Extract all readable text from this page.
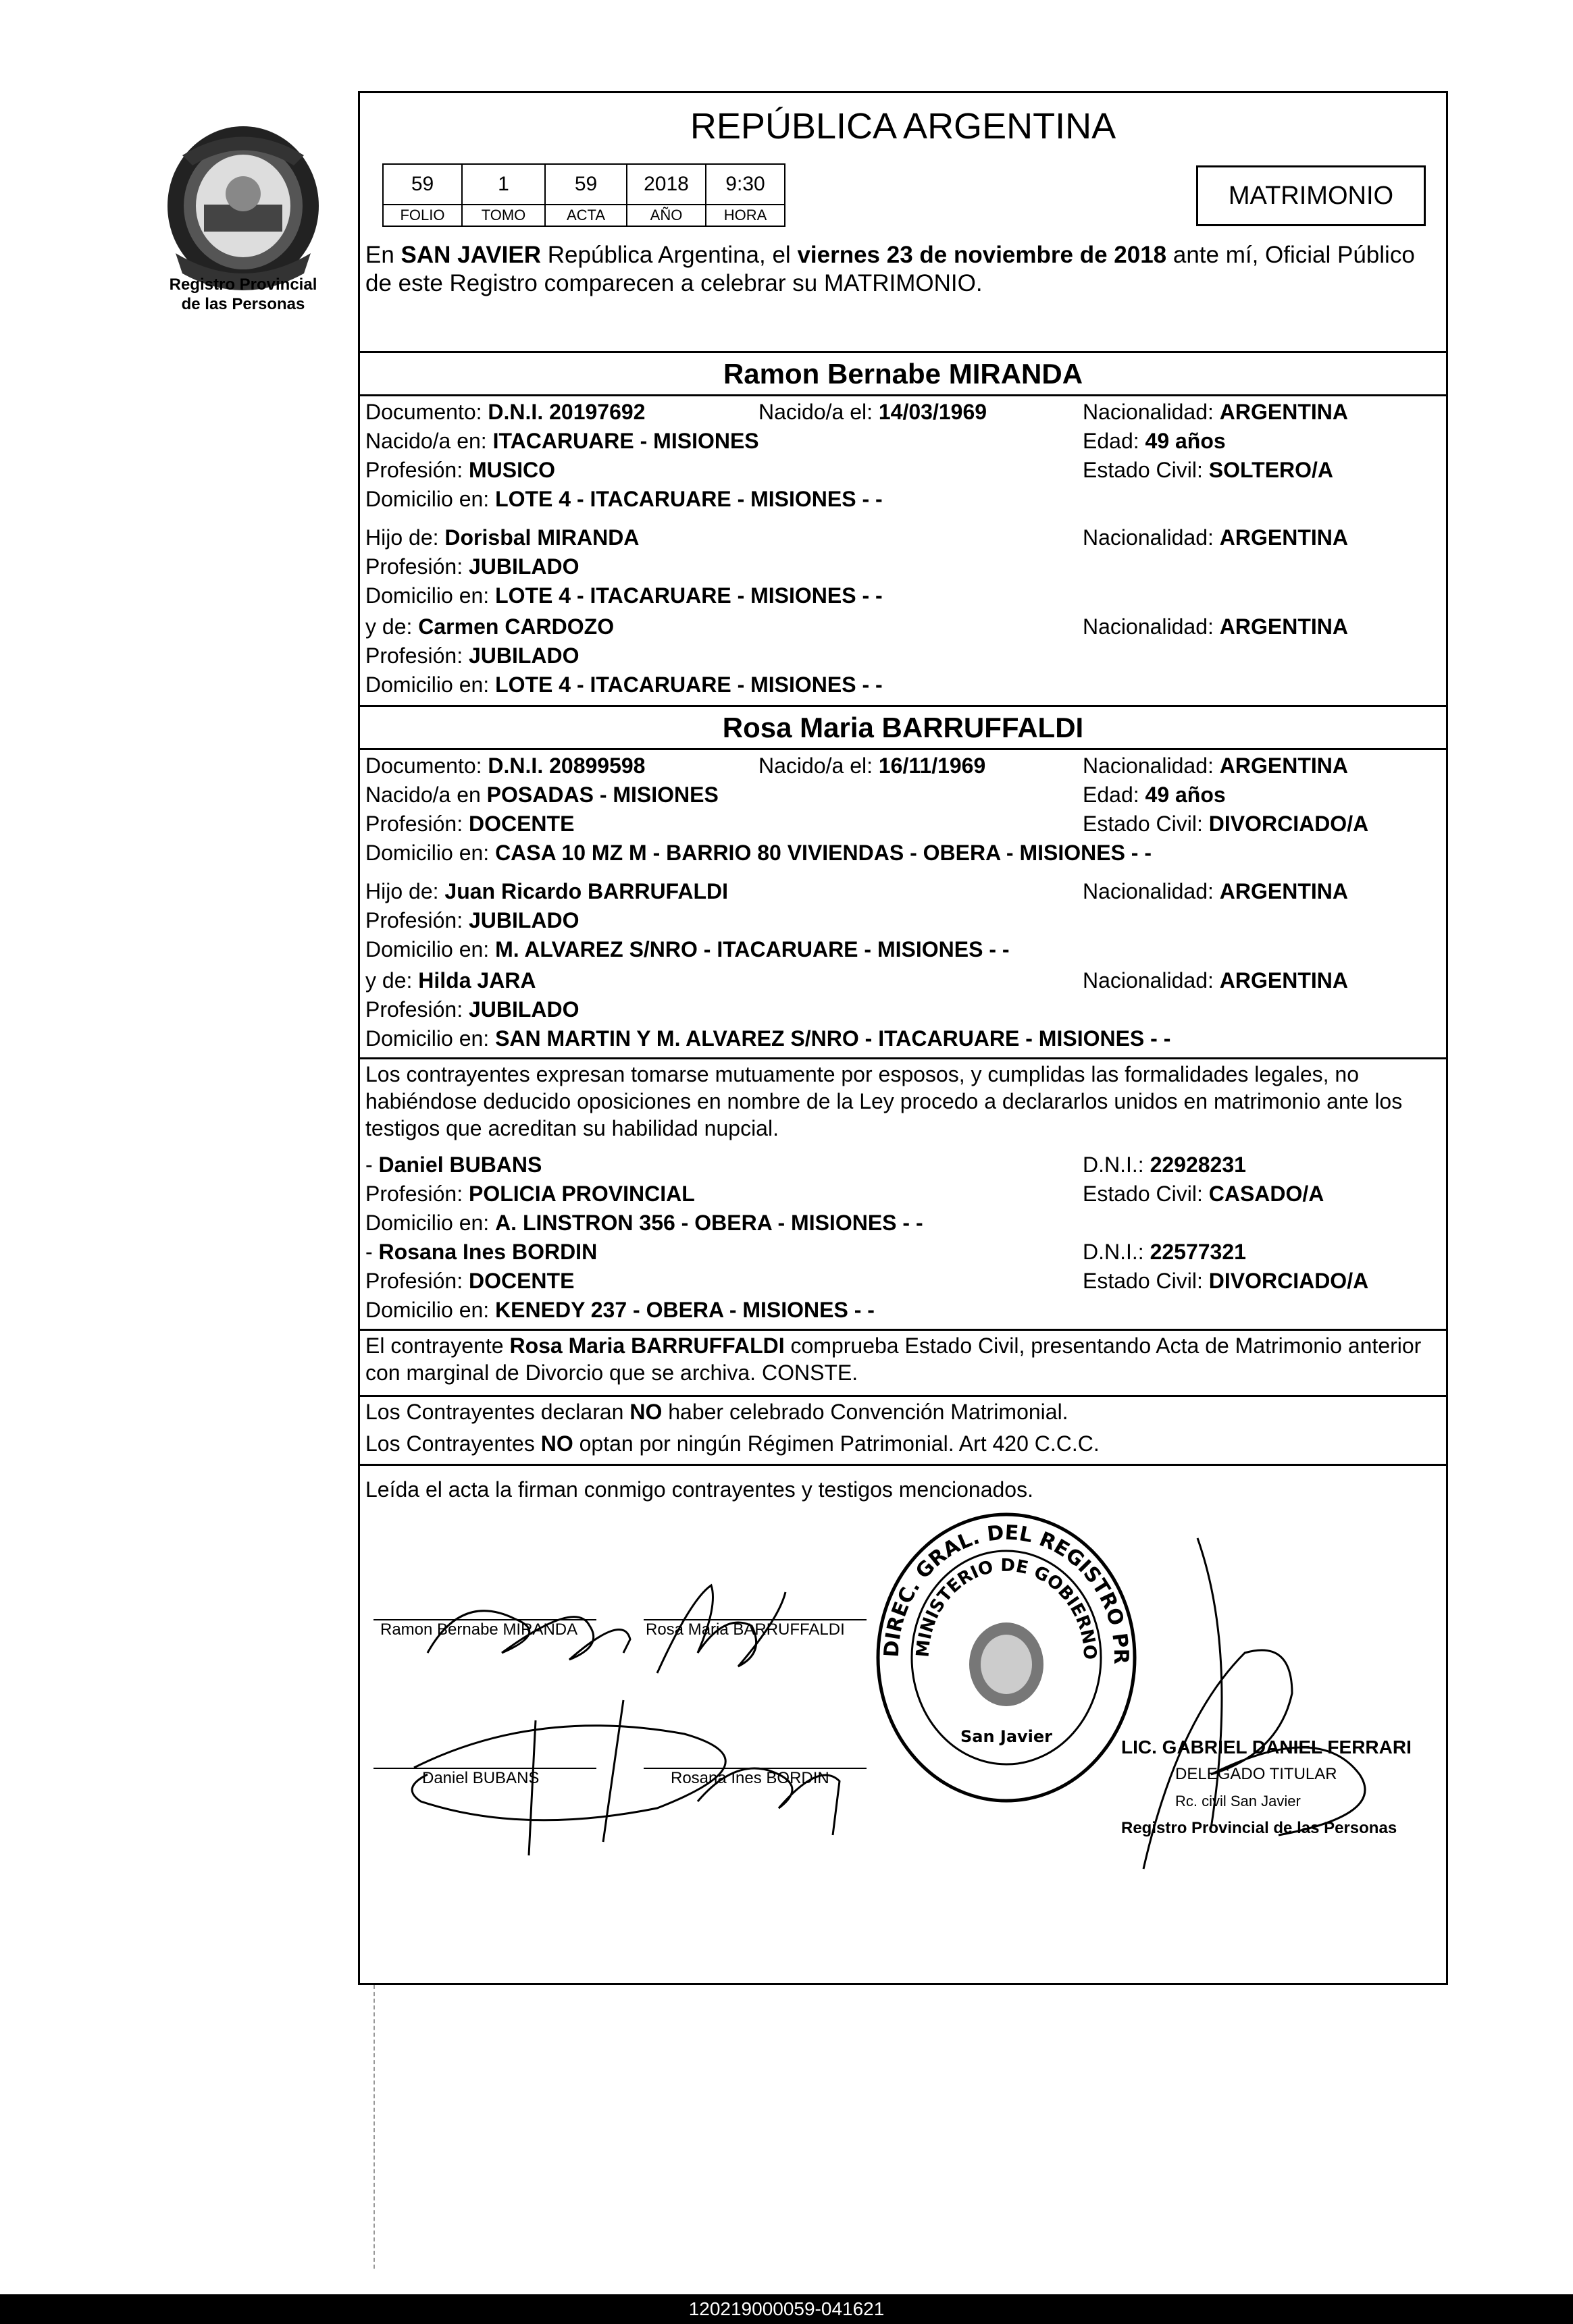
Registro Provincial
de las Personas
REPÚBLICA ARGENTINA
59	1	59	2018	9:30
FOLIO	TOMO	ACTA	AÑO	HORA
MATRIMONIO
En SAN JAVIER República Argentina, el viernes 23 de noviembre de 2018 ante mí, Oficial Público de este Registro comparecen a celebrar su MATRIMONIO.
Ramon Bernabe MIRANDA
Documento: D.N.I. 20197692	Nacido/a el: 14/03/1969	Nacionalidad: ARGENTINA
Nacido/a en: ITACARUARE - MISIONES	Edad: 49 años
Profesión: MUSICO	Estado Civil: SOLTERO/A
Domicilio en: LOTE 4 - ITACARUARE - MISIONES - -
Hijo de: Dorisbal MIRANDA	Nacionalidad: ARGENTINA
Profesión: JUBILADO
Domicilio en: LOTE 4 - ITACARUARE - MISIONES - -
y de: Carmen CARDOZO	Nacionalidad: ARGENTINA
Profesión: JUBILADO
Domicilio en: LOTE 4 - ITACARUARE - MISIONES - -
Rosa Maria BARRUFFALDI
Documento: D.N.I. 20899598	Nacido/a el: 16/11/1969	Nacionalidad: ARGENTINA
Nacido/a en POSADAS - MISIONES	Edad: 49 años
Profesión: DOCENTE	Estado Civil: DIVORCIADO/A
Domicilio en: CASA 10 MZ M - BARRIO 80 VIVIENDAS - OBERA - MISIONES - -
Hijo de: Juan Ricardo BARRUFALDI	Nacionalidad: ARGENTINA
Profesión: JUBILADO
Domicilio en: M. ALVAREZ S/NRO - ITACARUARE - MISIONES - -
y de: Hilda JARA	Nacionalidad: ARGENTINA
Profesión: JUBILADO
Domicilio en: SAN MARTIN Y M. ALVAREZ S/NRO - ITACARUARE - MISIONES - -
Los contrayentes expresan tomarse mutuamente por esposos, y cumplidas las formalidades legales, no habiéndose deducido oposiciones en nombre de la Ley procedo a declararlos unidos en matrimonio ante los testigos que acreditan su habilidad nupcial.
- Daniel BUBANS	D.N.I.: 22928231
Profesión: POLICIA PROVINCIAL	Estado Civil: CASADO/A
Domicilio en: A. LINSTRON 356 - OBERA - MISIONES - -
- Rosana Ines BORDIN	D.N.I.: 22577321
Profesión: DOCENTE	Estado Civil: DIVORCIADO/A
Domicilio en: KENEDY 237 - OBERA - MISIONES - -
El contrayente Rosa Maria BARRUFFALDI comprueba Estado Civil, presentando Acta de Matrimonio anterior con marginal de Divorcio que se archiva. CONSTE.
Los Contrayentes declaran NO haber celebrado Convención Matrimonial.
Los Contrayentes NO optan por ningún Régimen Patrimonial. Art 420 C.C.C.
Leída el acta la firman conmigo contrayentes y testigos mencionados.
Ramon Bernabe MIRANDA	Rosa Maria BARRUFFALDI
Daniel BUBANS	Rosana Ines BORDIN
DIREC. GRAL. DEL REGISTRO PR
MINISTERIO DE GOBIERNO
San Javier	LIC. GABRIEL DANIEL FERRARI
DELEGADO TITULAR
Rc. civil San Javier
Registro Provincial de las Personas
120219000059-041621
